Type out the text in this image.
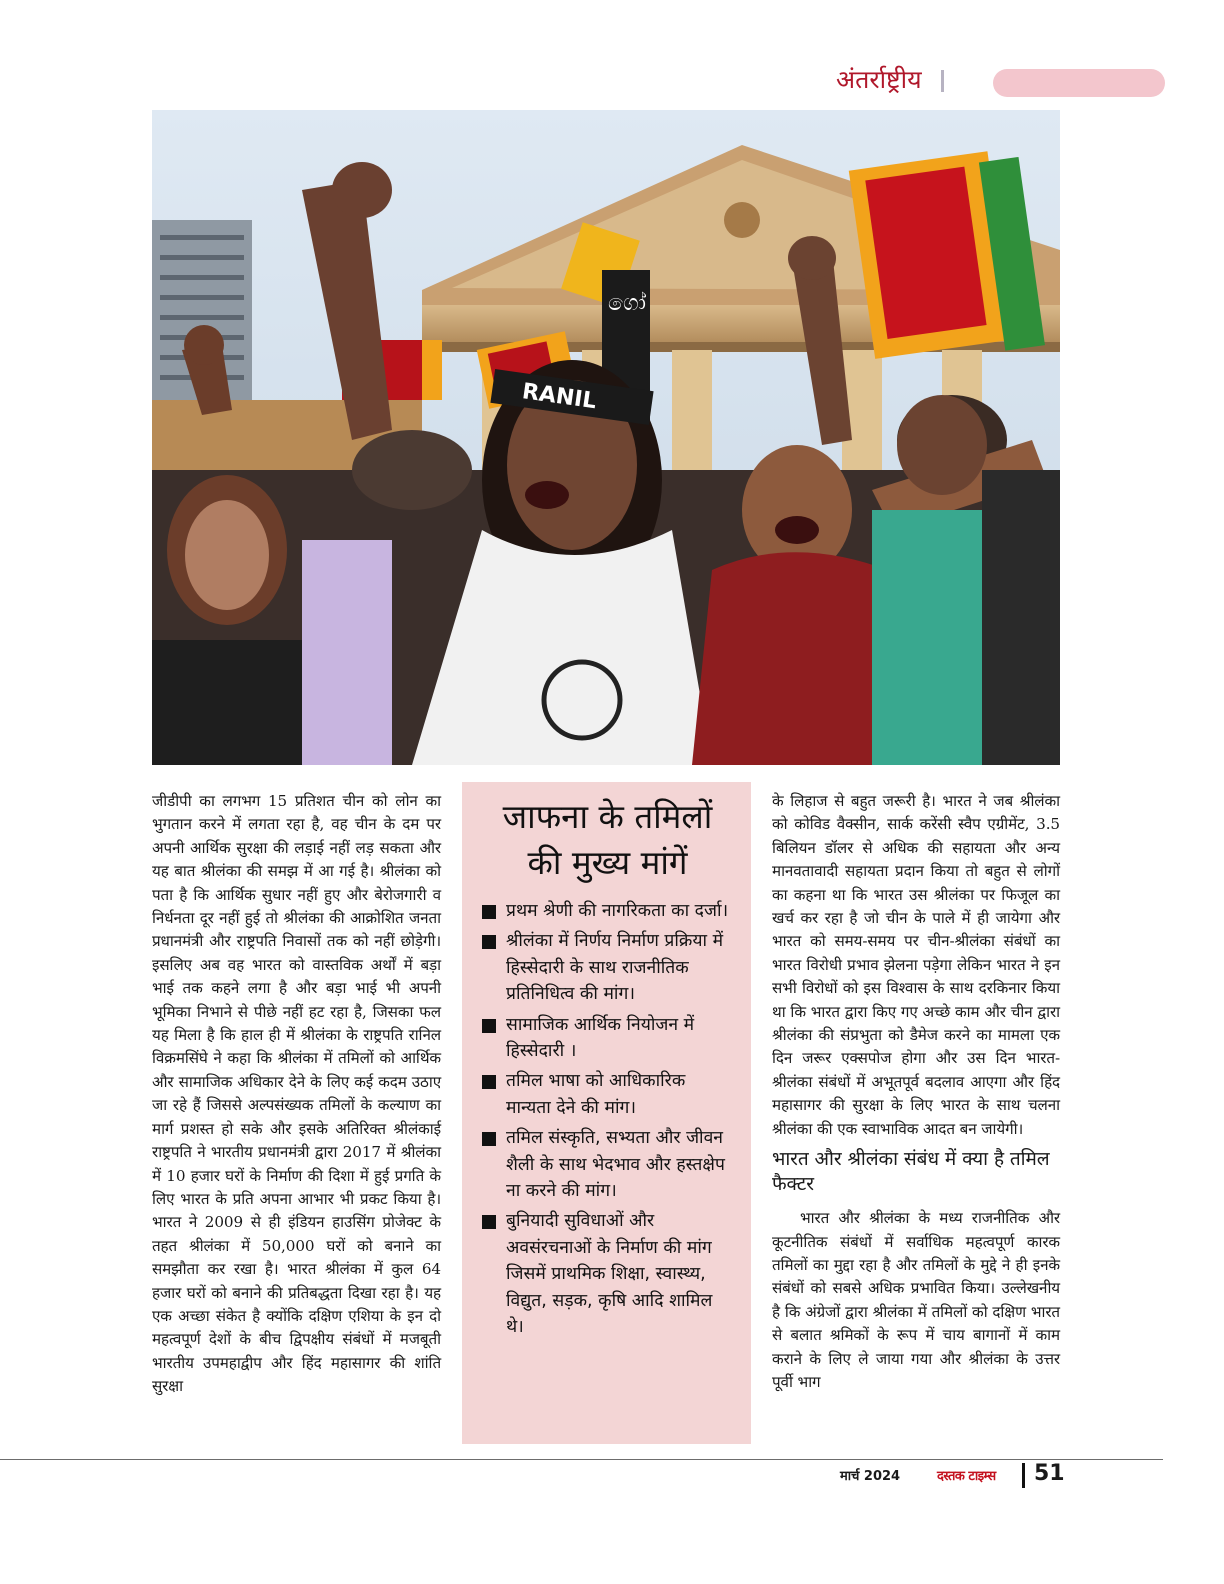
अंतर्राष्ट्रीय
ගෝ
RANIL

जीडीपी का लगभग 15 प्रतिशत चीन को लोन का भुगतान करने में लगता रहा है, वह चीन के दम पर अपनी आर्थिक सुरक्षा की लड़ाई नहीं लड़ सकता और यह बात श्रीलंका की समझ में आ गई है। श्रीलंका को पता है कि आर्थिक सुधार नहीं हुए और बेरोजगारी व निर्धनता दूर नहीं हुई तो श्रीलंका की आक्रोशित जनता प्रधानमंत्री और राष्ट्रपति निवासों तक को नहीं छोड़ेगी। इसलिए अब वह भारत को वास्तविक अर्थों में बड़ा भाई तक कहने लगा है और बड़ा भाई भी अपनी भूमिका निभाने से पीछे नहीं हट रहा है, जिसका फल यह मिला है कि हाल ही में श्रीलंका के राष्ट्रपति रानिल विक्रमसिंघे ने कहा कि श्रीलंका में तमिलों को आर्थिक और सामाजिक अधिकार देने के लिए कई कदम उठाए जा रहे हैं जिससे अल्पसंख्यक तमिलों के कल्याण का मार्ग प्रशस्त हो सके और इसके अतिरिक्त श्रीलंकाई राष्ट्रपति ने भारतीय प्रधानमंत्री द्वारा 2017 में श्रीलंका में 10 हजार घरों के निर्माण की दिशा में हुई प्रगति के लिए भारत के प्रति अपना आभार भी प्रकट किया है। भारत ने 2009 से ही इंडियन हाउसिंग प्रोजेक्ट के तहत श्रीलंका में 50,000 घरों को बनाने का समझौता कर रखा है। भारत श्रीलंका में कुल 64 हजार घरों को बनाने की प्रतिबद्धता दिखा रहा है। यह एक अच्छा संकेत है क्योंकि दक्षिण एशिया के इन दो महत्वपूर्ण देशों के बीच द्विपक्षीय संबंधों में मजबूती भारतीय उपमहाद्वीप और हिंद महासागर की शांति सुरक्षा

जाफना के तमिलों
की मुख्य मांगें
प्रथम श्रेणी की नागरिकता का दर्जा।
श्रीलंका में निर्णय निर्माण प्रक्रिया में हिस्सेदारी के साथ राजनीतिक प्रतिनिधित्व की मांग।
सामाजिक आर्थिक नियोजन में हिस्सेदारी ।
तमिल भाषा को आधिकारिक मान्यता देने की मांग।
तमिल संस्कृति, सभ्यता और जीवन शैली के साथ भेदभाव और हस्तक्षेप ना करने की मांग।
बुनियादी सुविधाओं और अवसंरचनाओं के निर्माण की मांग जिसमें प्राथमिक शिक्षा, स्वास्थ्य, विद्युत, सड़क, कृषि आदि शामिल थे।

के लिहाज से बहुत जरूरी है। भारत ने जब श्रीलंका को कोविड वैक्सीन, सार्क करेंसी स्वैप एग्रीमेंट, 3.5 बिलियन डॉलर से अधिक की सहायता और अन्य मानवतावादी सहायता प्रदान किया तो बहुत से लोगों का कहना था कि भारत उस श्रीलंका पर फिजूल का खर्च कर रहा है जो चीन के पाले में ही जायेगा और भारत को समय-समय पर चीन-श्रीलंका संबंधों का भारत विरोधी प्रभाव झेलना पड़ेगा लेकिन भारत ने इन सभी विरोधों को इस विश्वास के साथ दरकिनार किया था कि भारत द्वारा किए गए अच्छे काम और चीन द्वारा श्रीलंका की संप्रभुता को डैमेज करने का मामला एक दिन जरूर एक्सपोज होगा और उस दिन भारत-श्रीलंका संबंधों में अभूतपूर्व बदलाव आएगा और हिंद महासागर की सुरक्षा के लिए भारत के साथ चलना श्रीलंका की एक स्वाभाविक आदत बन जायेगी।

भारत और श्रीलंका संबंध में क्या है तमिल फैक्टर

भारत और श्रीलंका के मध्य राजनीतिक और कूटनीतिक संबंधों में सर्वाधिक महत्वपूर्ण कारक तमिलों का मुद्दा रहा है और तमिलों के मुद्दे ने ही इनके संबंधों को सबसे अधिक प्रभावित किया। उल्लेखनीय है कि अंग्रेजों द्वारा श्रीलंका में तमिलों को दक्षिण भारत से बलात श्रमिकों के रूप में चाय बागानों में काम कराने के लिए ले जाया गया और श्रीलंका के उत्तर पूर्वी भाग

मार्च 2024	दस्तक टाइम्स 51
